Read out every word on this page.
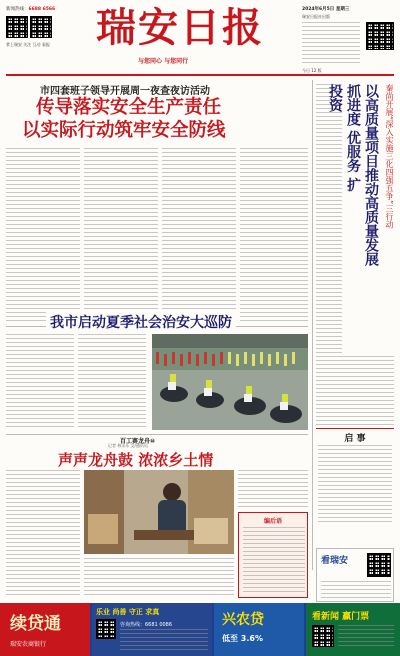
新闻热线：6688 6566
掌上瑞安 关注 互动 看报 瑞安日报
与您同心 与您同行
2024年6月5日 星期三
瑞安日报社出版
今日 12 版
市四套班子领导开展周一夜查夜访活动
传导落实安全生产责任
以实际行动筑牢安全防线	抓进度 优服务 扩投资	以高质量项目推动高质量发展 秦尚开展“深入实施三化四强五争”三行动
启 事
看瑞安
我市启动夏季社会治安大巡防
百工赛龙舟⑩
记者 林永乐 文/通讯员
声声龙舟鼓 浓浓乡土情
编后语
续贷通
瑞安农商银行
乐业 尚善 守正 求真
咨询热线：6681 0086	兴农贷
低至 3.6%
看新闻 赢门票
